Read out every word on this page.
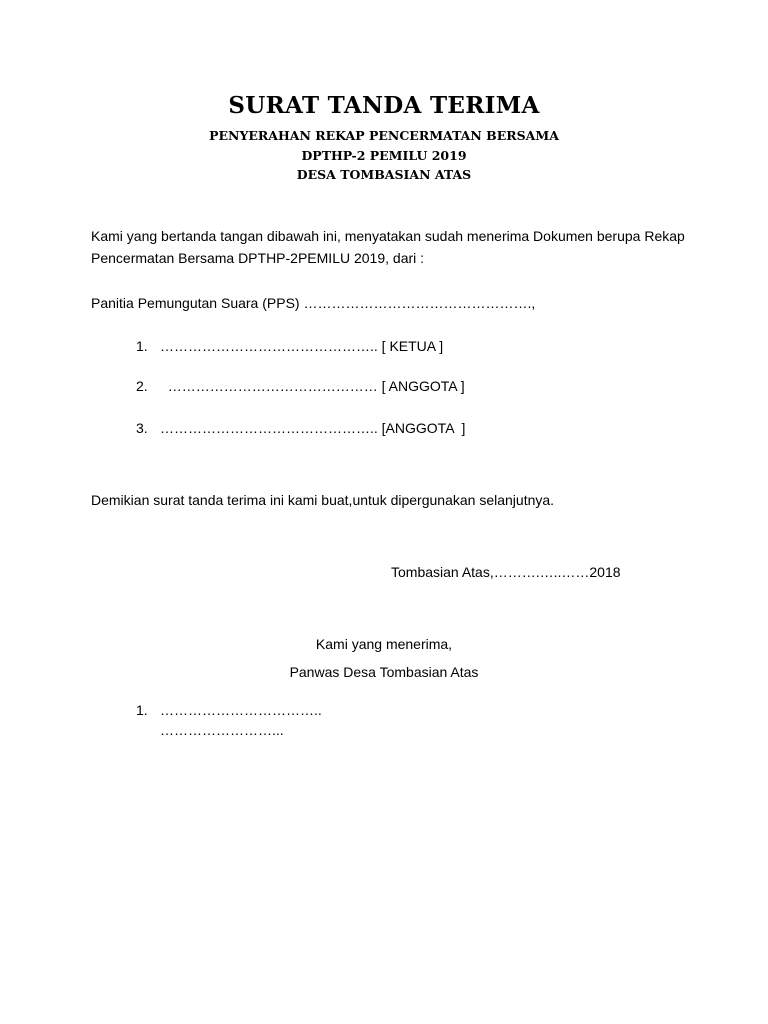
SURAT TANDA TERIMA

PENYERAHAN REKAP PENCERMATAN BERSAMA

DPTHP-2 PEMILU 2019

DESA TOMBASIAN ATAS

Kami yang bertanda tangan dibawah ini, menyatakan sudah menerima Dokumen berupa Rekap Pencermatan Bersama DPTHP-2PEMILU 2019, dari :

Panitia Pemungutan Suara (PPS) ………………………………………….,

1. ……………………………………….. [ KETUA ]

2.  ……………………………………… [ ANGGOTA ]

3. ……………………………………….. [ANGGOTA  ]

Demikian surat tanda terima ini kami buat,untuk dipergunakan selanjutnya.

Tombasian Atas,……….…..……2018

Kami yang menerima,

Panwas Desa Tombasian Atas

1. ……………………………..

……………………...
